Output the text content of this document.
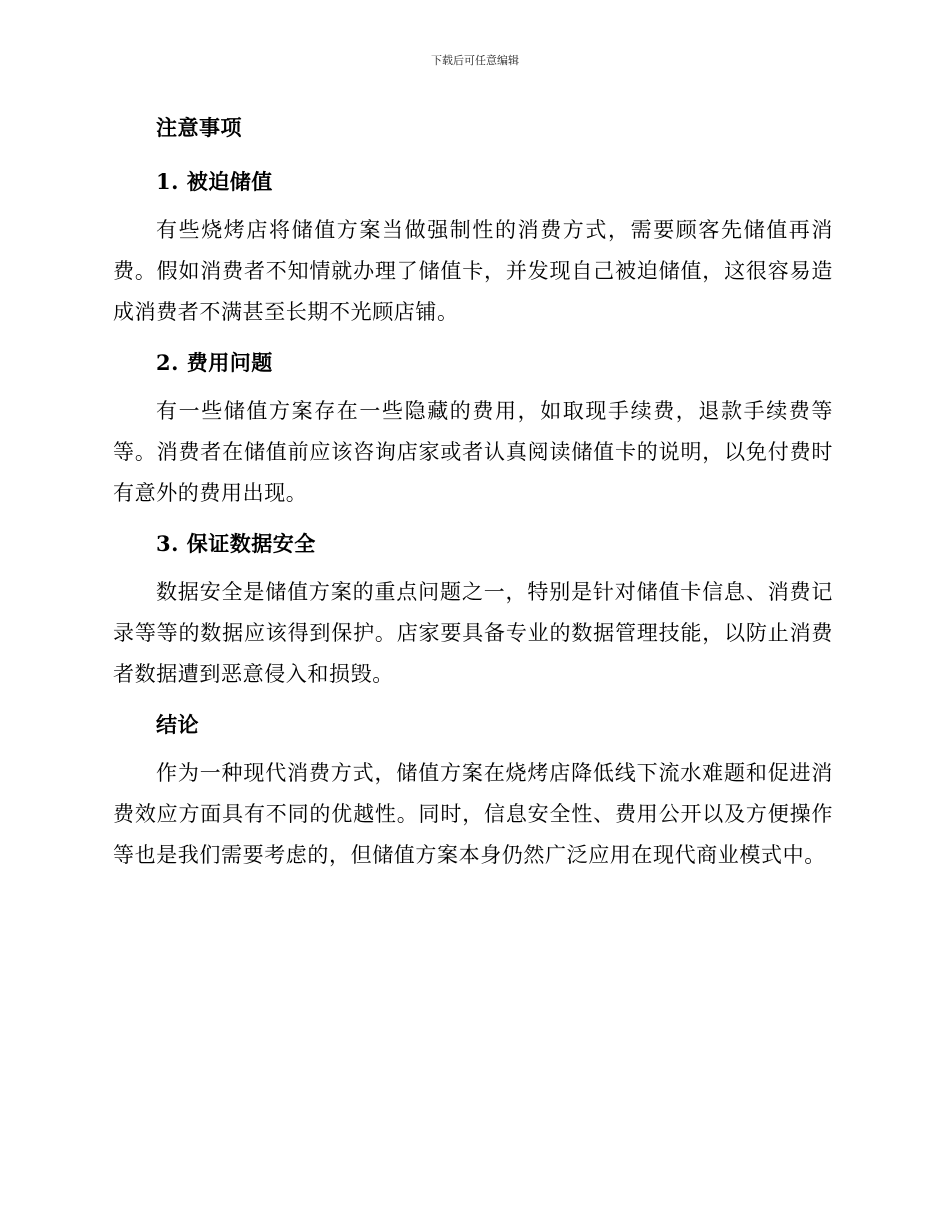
下载后可任意编辑
注意事项
1. 被迫储值

有些烧烤店将储值方案当做强制性的消费方式，需要顾客先储值再消费。假如消费者不知情就办理了储值卡，并发现自己被迫储值，这很容易造成消费者不满甚至长期不光顾店铺。

2. 费用问题

有一些储值方案存在一些隐藏的费用，如取现手续费，退款手续费等等。消费者在储值前应该咨询店家或者认真阅读储值卡的说明，以免付费时有意外的费用出现。

3. 保证数据安全

数据安全是储值方案的重点问题之一，特别是针对储值卡信息、消费记录等等的数据应该得到保护。店家要具备专业的数据管理技能，以防止消费者数据遭到恶意侵入和损毁。

结论

作为一种现代消费方式，储值方案在烧烤店降低线下流水难题和促进消费效应方面具有不同的优越性。同时，信息安全性、费用公开以及方便操作等也是我们需要考虑的，但储值方案本身仍然广泛应用在现代商业模式中。
